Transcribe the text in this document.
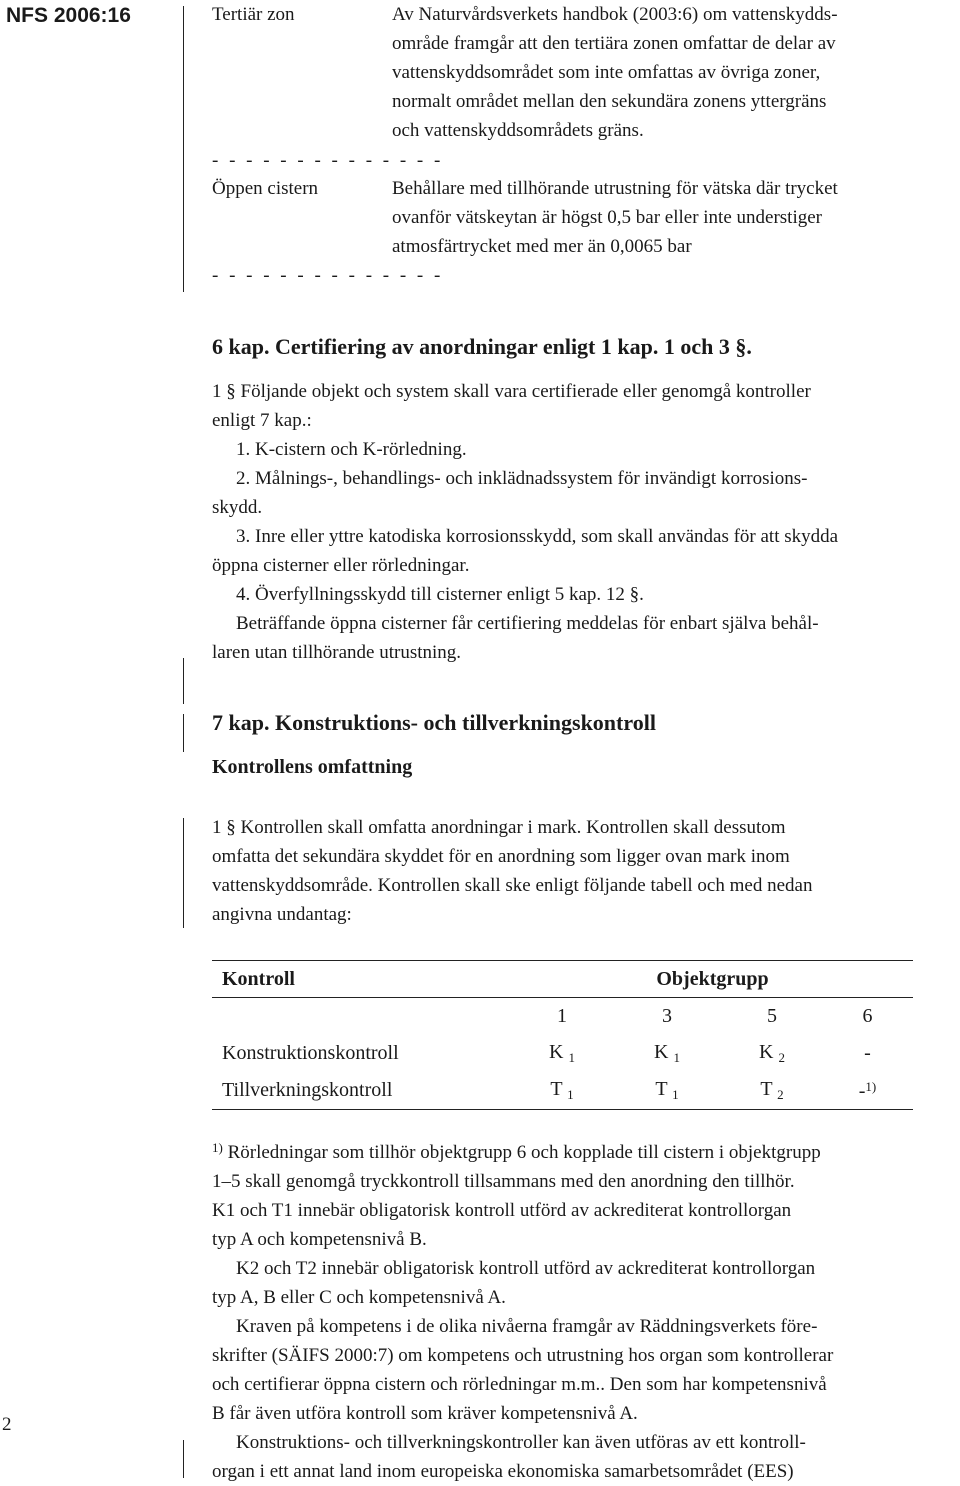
NFS 2006:16
2
Tertiär zon	Av Naturvårdsverkets handbok (2003:6) om vattenskydds-
område framgår att den tertiära zonen omfattar de delar av
vattenskyddsområdet som inte omfattas av övriga zoner,
normalt området mellan den sekundära zonens yttergräns
och vattenskyddsområdets gräns.
- - - - - - - - - - - - - -
Öppen cistern	Behållare med tillhörande utrustning för vätska där trycket
ovanför vätskeytan är högst 0,5 bar eller inte understiger
atmosfärtrycket med mer än 0,0065 bar
- - - - - - - - - - - - - -
6 kap. Certifiering av anordningar enligt 1 kap. 1 och 3 §.
1 § Följande objekt och system skall vara certifierade eller genomgå kontroller
enligt 7 kap.:
1. K-cistern och K-rörledning.
2. Målnings-, behandlings- och inklädnadssystem för invändigt korrosions-
skydd.
3. Inre eller yttre katodiska korrosionsskydd, som skall användas för att skydda
öppna cisterner eller rörledningar.
4. Överfyllningsskydd till cisterner enligt 5 kap. 12 §.
Beträffande öppna cisterner får certifiering meddelas för enbart själva behål-
laren utan tillhörande utrustning.
7 kap. Konstruktions- och tillverkningskontroll
Kontrollens omfattning
1 § Kontrollen skall omfatta anordningar i mark. Kontrollen skall dessutom
omfatta det sekundära skyddet för en anordning som ligger ovan mark inom
vattenskyddsområde. Kontrollen skall ske enligt följande tabell och med nedan
angivna undantag:
Kontroll	Objektgrupp			
	1	3	5	6
Konstruktionskontroll	K $_1$	K $_1$	K $_2$	-
Tillverkningskontroll	T $_1$	T $_1$	T $_2$	-$^{1)}$

$^{1)}$ Rörledningar som tillhör objektgrupp 6 och kopplade till cistern i objektgrupp

1–5 skall genomgå tryckkontroll tillsammans med den anordning den tillhör.

K1 och T1 innebär obligatorisk kontroll utförd av ackrediterat kontrollorgan

typ A och kompetensnivå B.

K2 och T2 innebär obligatorisk kontroll utförd av ackrediterat kontrollorgan

typ A, B eller C och kompetensnivå A.

Kraven på kompetens i de olika nivåerna framgår av Räddningsverkets före-

skrifter (SÄIFS 2000:7) om kompetens och utrustning hos organ som kontrollerar

och certifierar öppna cistern och rörledningar m.m.. Den som har kompetensnivå

B får även utföra kontroll som kräver kompetensnivå A.

Konstruktions- och tillverkningskontroller kan även utföras av ett kontroll-

organ i ett annat land inom europeiska ekonomiska samarbetsområdet (EES)
